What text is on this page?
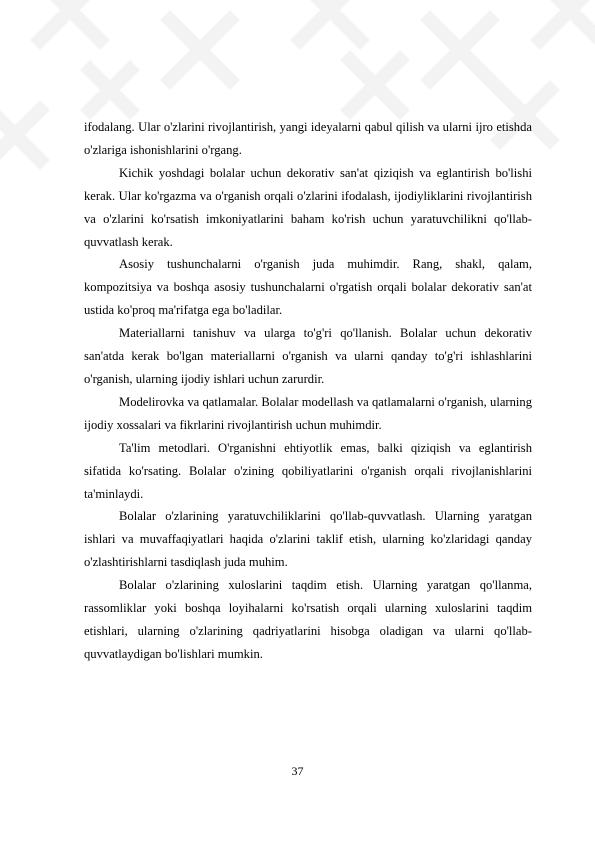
ifodalang. Ular o'zlarini rivojlantirish, yangi ideyalarni qabul qilish va ularni ijro etishda o'zlariga ishonishlarini o'rgang.

Kichik yoshdagi bolalar uchun dekorativ san'at qiziqish va eglantirish bo'lishi kerak. Ular ko'rgazma va o'rganish orqali o'zlarini ifodalash, ijodiyliklarini rivojlantirish va o'zlarini ko'rsatish imkoniyatlarini baham ko'rish uchun yaratuvchilikni qo'llab-quvvatlash kerak.

Asosiy tushunchalarni o'rganish juda muhimdir. Rang, shakl, qalam, kompozitsiya va boshqa asosiy tushunchalarni o'rgatish orqali bolalar dekorativ san'at ustida ko'proq ma'rifatga ega bo'ladilar.

Materiallarni tanishuv va ularga to'g'ri qo'llanish. Bolalar uchun dekorativ san'atda kerak bo'lgan materiallarni o'rganish va ularni qanday to'g'ri ishlashlarini o'rganish, ularning ijodiy ishlari uchun zarurdir.

Modelirovka va qatlamalar. Bolalar modellash va qatlamalarni o'rganish, ularning ijodiy xossalari va fikrlarini rivojlantirish uchun muhimdir.

Ta'lim metodlari. O'rganishni ehtiyotlik emas, balki qiziqish va eglantirish sifatida ko'rsating. Bolalar o'zining qobiliyatlarini o'rganish orqali rivojlanishlarini ta'minlaydi.

Bolalar o'zlarining yaratuvchiliklarini qo'llab-quvvatlash. Ularning yaratgan ishlari va muvaffaqiyatlari haqida o'zlarini taklif etish, ularning ko'zlaridagi qanday o'zlashtirishlarni tasdiqlash juda muhim.

Bolalar o'zlarining xuloslarini taqdim etish. Ularning yaratgan qo'llanma, rassomliklar yoki boshqa loyihalarni ko'rsatish orqali ularning xuloslarini taqdim etishlari, ularning o'zlarining qadriyatlarini hisobga oladigan va ularni qo'llab-quvvatlaydigan bo'lishlari mumkin.

37
